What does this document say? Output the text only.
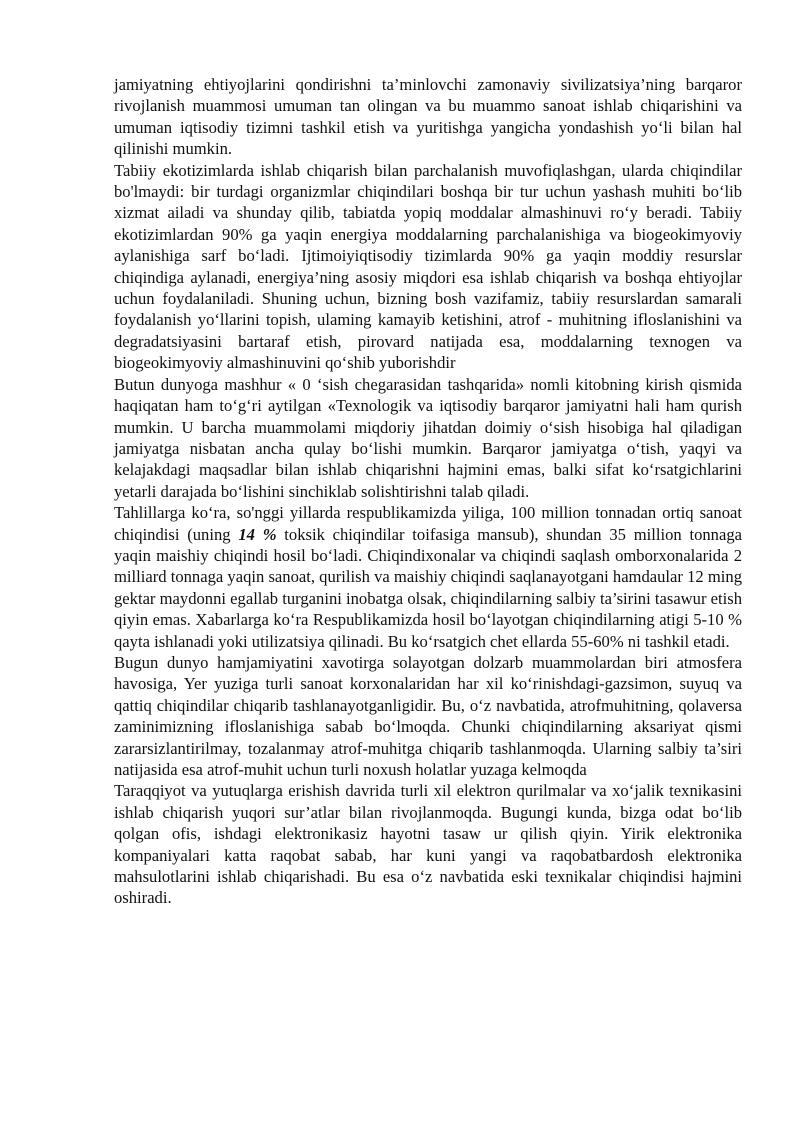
jamiyatning ehtiyojlarini qondirishni ta’minlovchi zamonaviy sivilizatsiya’ning barqaror rivojlanish muammosi umuman tan olingan va bu muammo sanoat ishlab chiqarishini va umuman iqtisodiy tizimni tashkil etish va yuritishga yangicha yondashish yo‘li bilan hal qilinishi mumkin.

Tabiiy ekotizimlarda ishlab chiqarish bilan parchalanish muvofiqlashgan, ularda chiqindilar bo'lmaydi: bir turdagi organizmlar chiqindilari boshqa bir tur uchun yashash muhiti bo‘lib xizmat ailadi va shunday qilib, tabiatda yopiq moddalar almashinuvi ro‘y beradi. Tabiiy ekotizimlardan 90% ga yaqin energiya moddalarning parchalanishiga va biogeokimyoviy aylanishiga sarf bo‘ladi. Ijtimoiyiqtisodiy tizimlarda 90% ga yaqin moddiy resurslar chiqindiga aylanadi, energiya’ning asosiy miqdori esa ishlab chiqarish va boshqa ehtiyojlar uchun foydalaniladi. Shuning uchun, bizning bosh vazifamiz, tabiiy resurslardan samarali foydalanish yo‘llarini topish, ulaming kamayib ketishini, atrof - muhitning ifloslanishini va degradatsiyasini bartaraf etish, pirovard natijada esa, moddalarning texnogen va biogeokimyoviy almashinuvini qo‘shib yuborishdir

Butun dunyoga mashhur « 0 ‘sish chegarasidan tashqarida» nomli kitobning kirish qismida haqiqatan ham to‘g‘ri aytilgan «Texnologik va iqtisodiy barqaror jamiyatni hali ham qurish mumkin. U barcha muammolami miqdoriy jihatdan doimiy o‘sish hisobiga hal qiladigan jamiyatga nisbatan ancha qulay bo‘lishi mumkin. Barqaror jamiyatga o‘tish, yaqyi va kelajakdagi maqsadlar bilan ishlab chiqarishni hajmini emas, balki sifat ko‘rsatgichlarini yetarli darajada bo‘lishini sinchiklab solishtirishni talab qiladi.

Tahlillarga ko‘ra, so'nggi yillarda respublikamizda yiliga, 100 million tonnadan ortiq sanoat chiqindisi (uning 14 % toksik chiqindilar toifasiga mansub), shundan 35 million tonnaga yaqin maishiy chiqindi hosil bo‘ladi. Chiqindixonalar va chiqindi saqlash omborxonalarida 2 milliard tonnaga yaqin sanoat, qurilish va maishiy chiqindi saqlanayotgani hamdaular 12 ming gektar maydonni egallab turganini inobatga olsak, chiqindilarning salbiy ta’sirini tasawur etish qiyin emas. Xabarlarga ko‘ra Respublikamizda hosil bo‘layotgan chiqindilarning atigi 5-10 % qayta ishlanadi yoki utilizatsiya qilinadi. Bu ko‘rsatgich chet ellarda 55-60% ni tashkil etadi.

Bugun dunyo hamjamiyatini xavotirga solayotgan dolzarb muammolardan biri atmosfera havosiga, Yer yuziga turli sanoat korxonalaridan har xil ko‘rinishdagi-gazsimon, suyuq va qattiq chiqindilar chiqarib tashlanayotganligidir. Bu, o‘z navbatida, atrofmuhitning, qolaversa zaminimizning ifloslanishiga sabab bo‘lmoqda. Chunki chiqindilarning aksariyat qismi zararsizlantirilmay, tozalanmay atrof-muhitga chiqarib tashlanmoqda. Ularning salbiy ta’siri natijasida esa atrof-muhit uchun turli noxush holatlar yuzaga kelmoqda

Taraqqiyot va yutuqlarga erishish davrida turli xil elektron qurilmalar va xo‘jalik texnikasini ishlab chiqarish yuqori sur’atlar bilan rivojlanmoqda. Bugungi kunda, bizga odat bo‘lib qolgan ofis, ishdagi elektronikasiz hayotni tasaw ur qilish qiyin. Yirik elektronika kompaniyalari katta raqobat sabab, har kuni yangi va raqobatbardosh elektronika mahsulotlarini ishlab chiqarishadi. Bu esa o‘z navbatida eski texnikalar chiqindisi hajmini oshiradi.
